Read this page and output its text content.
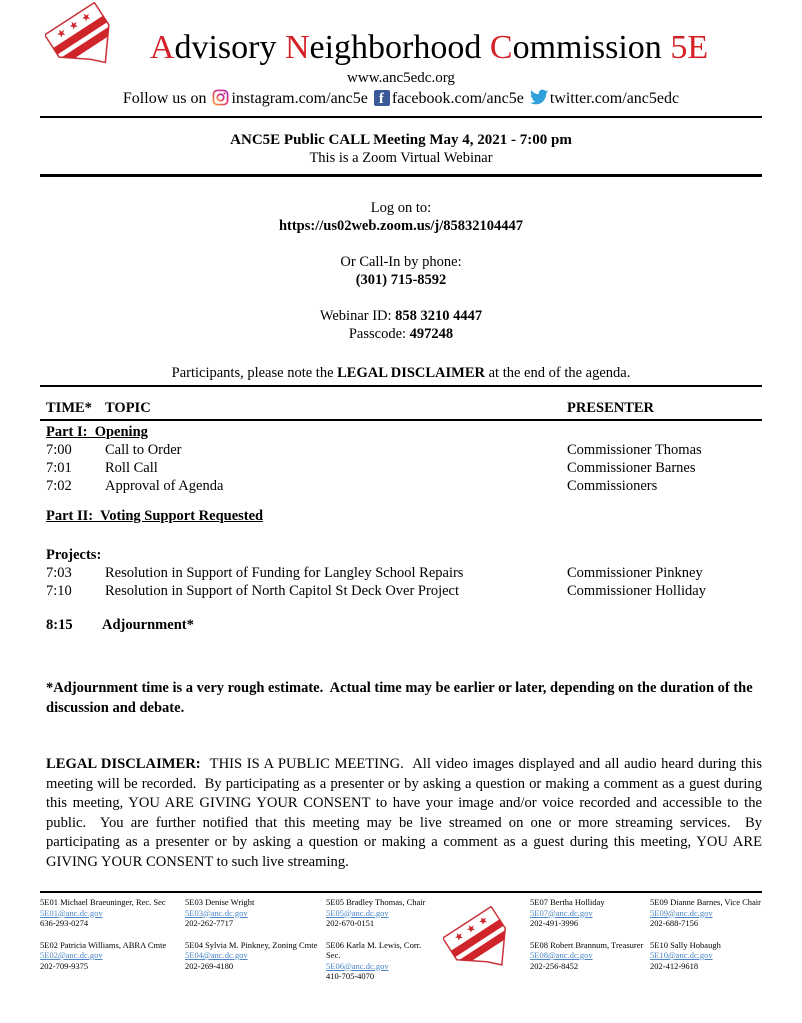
Advisory Neighborhood Commission 5E
www.anc5edc.org
Follow us on instagram.com/anc5e f facebook.com/anc5e twitter.com/anc5edc
ANC5E Public CALL Meeting May 4, 2021 - 7:00 pm
This is a Zoom Virtual Webinar
Log on to:
https://us02web.zoom.us/j/85832104447
Or Call-In by phone:
(301) 715-8592
Webinar ID: 858 3210 4447
Passcode: 497248
Participants, please note the LEGAL DISCLAIMER at the end of the agenda.
TIME* TOPIC	PRESENTER
Part I:  Opening
7:00	Call to Order	Commissioner Thomas
7:01	Roll Call	Commissioner Barnes
7:02	Approval of Agenda	Commissioners
Part II:  Voting Support Requested
Projects:
7:03	Resolution in Support of Funding for Langley School Repairs	Commissioner Pinkney
7:10	Resolution in Support of North Capitol St Deck Over Project	Commissioner Holliday
8:15	Adjournment*
*Adjournment time is a very rough estimate.  Actual time may be earlier or later, depending on the duration of the discussion and debate.
LEGAL DISCLAIMER:  THIS IS A PUBLIC MEETING.  All video images displayed and all audio heard during this meeting will be recorded.  By participating as a presenter or by asking a question or making a comment as a guest during this meeting, YOU ARE GIVING YOUR CONSENT to have your image and/or voice recorded and accessible to the public.  You are further notified that this meeting may be live streamed on one or more streaming services.  By participating as a presenter or by asking a question or making a comment as a guest during this meeting, YOU ARE GIVING YOUR CONSENT to such live streaming.
5E01 Michael Braeuninger, Rec. Sec
5E01@anc.dc.gov
636-293-0274
5E02 Patricia Williams, ABRA Cmte
5E02@anc.dc.gov
202-709-9375
5E03 Denise Wright
5E03@anc.dc.gov
202-262-7717
5E04 Sylvia M. Pinkney, Zoning Cmte
5E04@anc.dc.gov
202-269-4180
5E05 Bradley Thomas, Chair
5E05@anc.dc.gov
202-670-0151
5E06 Karla M. Lewis, Corr. Sec.
5E06@anc.dc.gov
410-705-4070
5E07 Bertha Holliday
5E07@anc.dc.gov
202-491-3996
5E08 Robert Brannum, Treasurer
5E08@anc.dc.gov
202-256-8452
5E09 Dianne Barnes, Vice Chair
5E09@anc.dc.gov
202-688-7156
5E10 Sally Hobaugh
5E10@anc.dc.gov
202-412-9618
